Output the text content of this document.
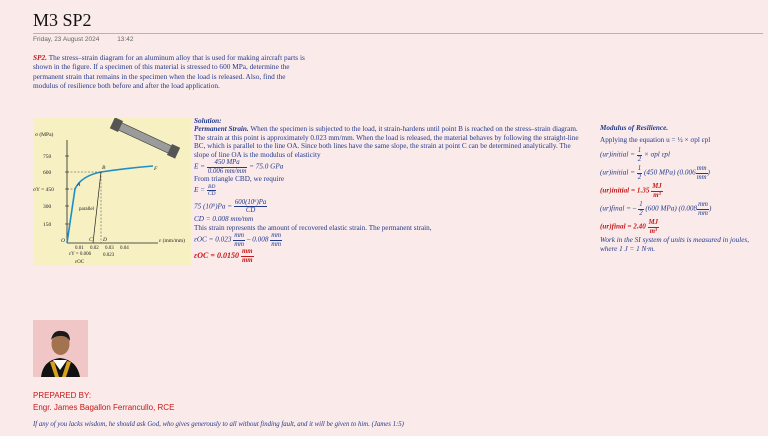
M3 SP2
Friday, 23 August 2024	13:42
SP2. The stress–strain diagram for an aluminum alloy that is used for making aircraft parts is shown in the figure. If a specimen of this material is stressed to 600 MPa, determine the permanent strain that remains in the specimen when the load is released. Also, find the modulus of resilience both before and after the load application.
σ (MPa)
750
600
σY = 450
300
150
ε (mm/mm)
0.01 0.02 0.03 0.04
εY = 0.006 0.023
εOC
parallel
O
A
B
C D
F
Solution:
Permanent Strain. When the specimen is subjected to the load, it strain-hardens until point B is reached on the stress–strain diagram.
The strain at this point is approximately 0.023 mm/mm. When the load is released, the material behaves by following the straight-line BC, which is parallel to the line OA. Since both lines have the same slope, the strain at point C can be determined analytically. The slope of line OA is the modulus of elasticity
$E = \frac{\text{450 MPa}}{0.006 mm/mm} = 75.0$ GPa
From triangle CBD, we require
$E = \frac{BD}{CD}$
75 $(10^9)Pa = \frac{\text{600(10⁶)Pa}}{CD}$
CD = 0.008 mm/mm
This strain represents the amount of recovered elastic strain. The permanent strain,
$\varepsilon OC = 0.023 \frac{mm}{mm} - 0.008 \frac{mm}{mm}$
$\varepsilon OC = 0.0150 \frac{mm}{mm}$
Modulus of Resilience.
Applying the equation u = ½ × σpl εpl
(ur)initial = $\frac{1}{2} \times \sigma pl$ εpl
(ur)initial = $\frac{1}{2} (450$ MPa) ($0.006 \frac{mm}{mm}$ )
(ur)initial = $1.35 \frac{MJ}{\text{m³}}$
(ur)final = – $\frac{1}{2} (600$ MPa) ($0.008 \frac{mm}{mm}$ )
(ur)final = $2.40 \frac{MJ}{\text{m³}}$
Work in the SI system of units is measured in joules, where 1 J = 1 N·m.
PREPARED BY:
Engr. James Bagallon Ferrancullo, RCE
If any of you lacks wisdom, he should ask God, who gives generously to all without finding fault, and it will be given to him. (James 1:5)
